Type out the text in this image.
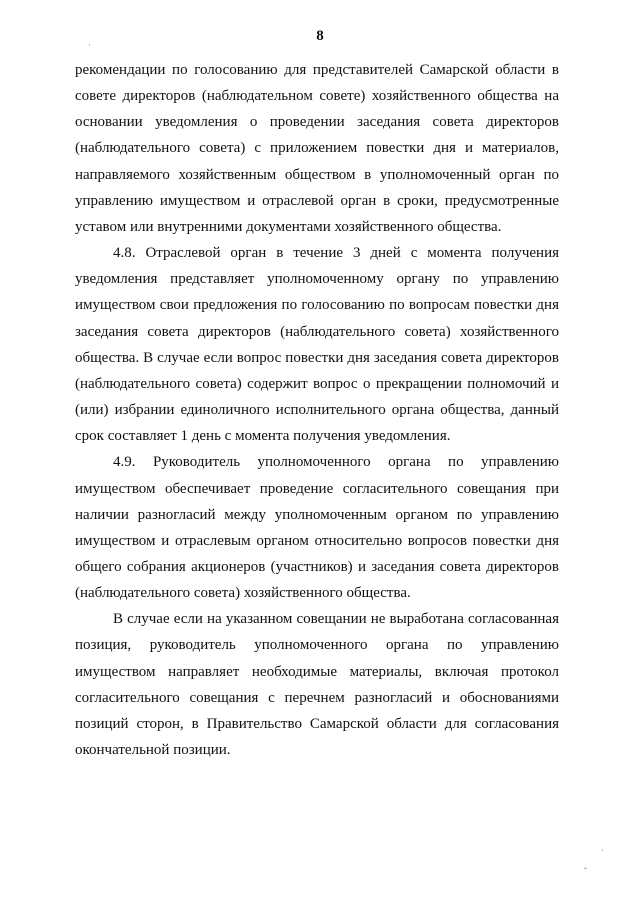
8
·

рекомендации по голосованию для представителей Самарской области в совете директоров (наблюдательном совете) хозяйственного общества на основании уведомления о проведении заседания совета директоров (наблюдательного совета) с приложением повестки дня и материалов, направляемого хозяйственным обществом в уполномоченный орган по управлению имуществом и отраслевой орган в сроки, предусмотренные уставом или внутренними документами хозяйственного общества.

4.8. Отраслевой орган в течение 3 дней с момента получения уведомления представляет уполномоченному органу по управлению имуществом свои предложения по голосованию по вопросам повестки дня заседания совета директоров (наблюдательного совета) хозяйственного общества. В случае если вопрос повестки дня заседания совета директоров (наблюдательного совета) содержит вопрос о прекращении полномочий и (или) избрании единоличного исполнительного органа общества, данный срок составляет 1 день с момента получения уведомления.

4.9. Руководитель уполномоченного органа по управлению имуществом обеспечивает проведение согласительного совещания при наличии разногласий между уполномоченным органом по управлению имуществом и отраслевым органом относительно вопросов повестки дня общего собрания акционеров (участников) и заседания совета директоров (наблюдательного совета) хозяйственного общества.

В случае если на указанном совещании не выработана согласованная позиция, руководитель уполномоченного органа по управлению имуществом направляет необходимые материалы, включая протокол согласительного совещания с перечнем разногласий и обоснованиями позиций сторон, в Правительство Самарской области для согласования окончательной позиции.

·
ˇ
